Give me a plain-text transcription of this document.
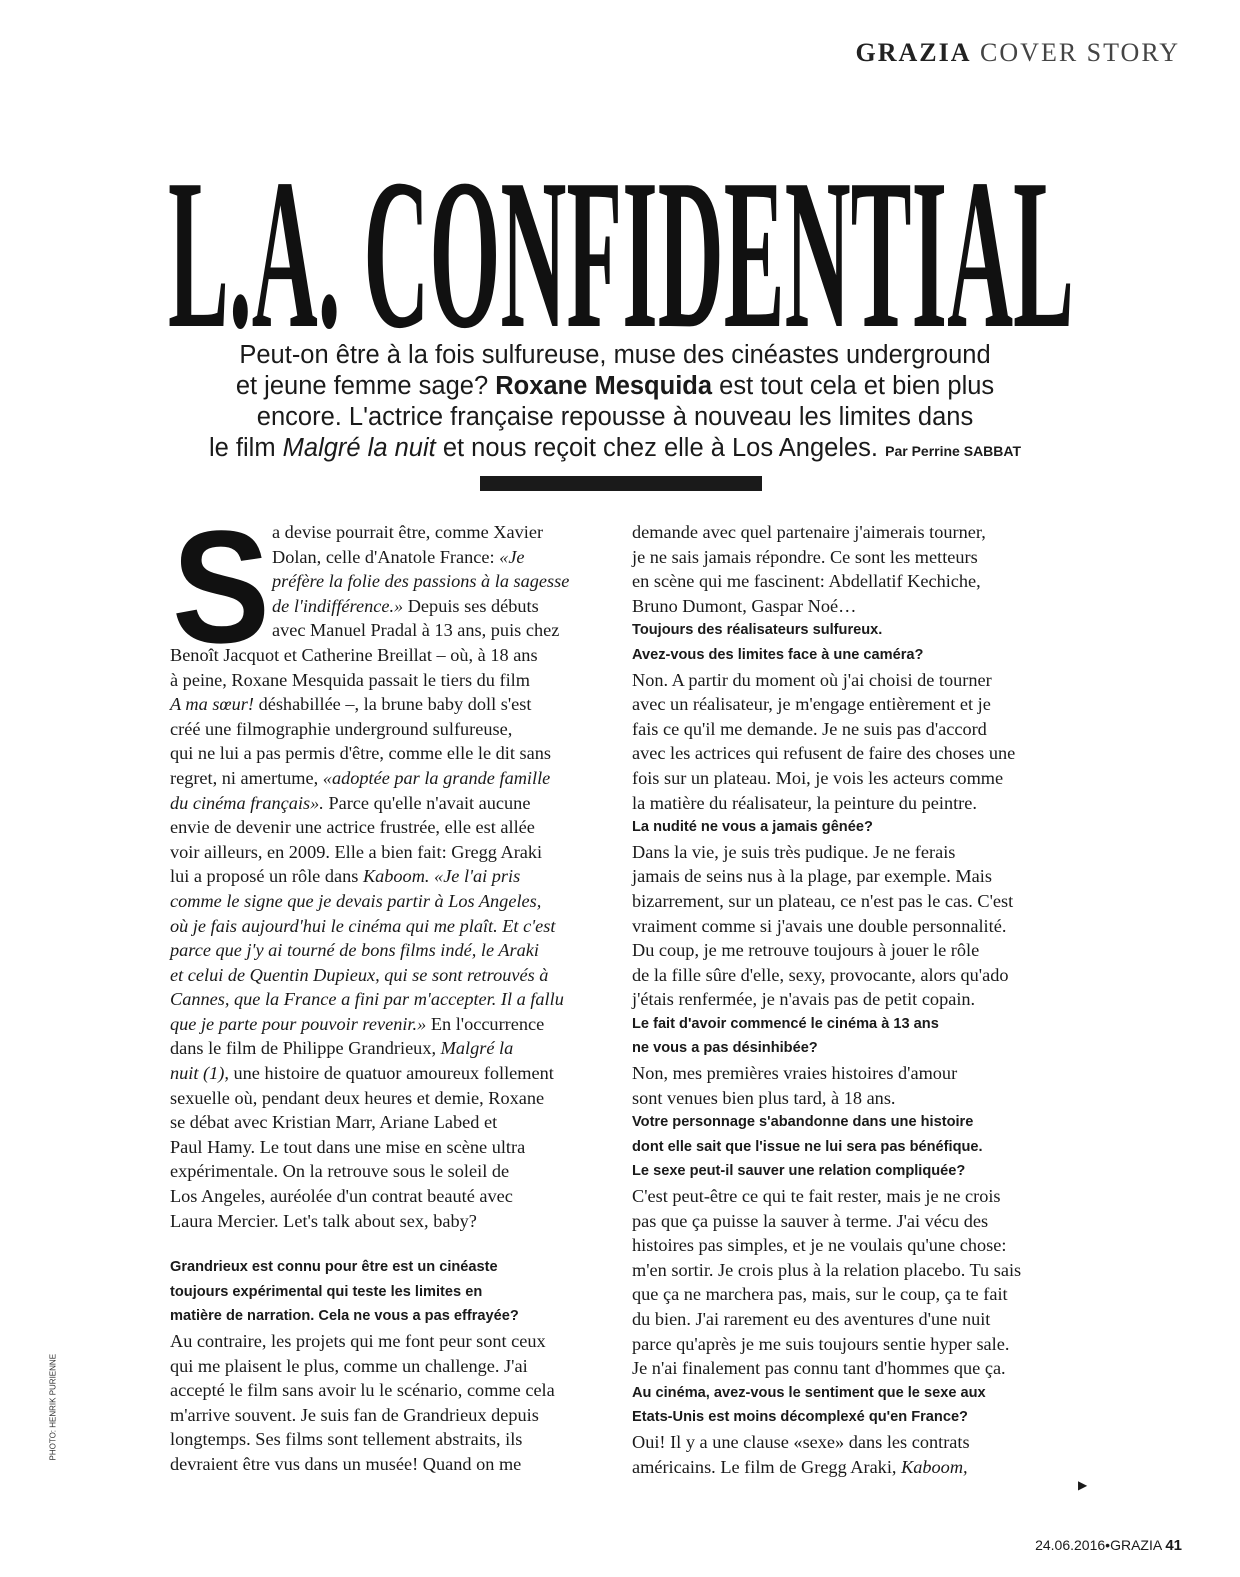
GRAZIA COVER STORY
L.A. CONFIDENTIAL
Peut-on être à la fois sulfureuse, muse des cinéastes underground
et jeune femme sage? Roxane Mesquida est tout cela et bien plus
encore. L'actrice française repousse à nouveau les limites dans
le film Malgré la nuit et nous reçoit chez elle à Los Angeles. Par Perrine SABBAT
S a devise pourrait être, comme Xavier
Dolan, celle d'Anatole France: «Je
préfère la folie des passions à la sagesse
de l'indifférence.» Depuis ses débuts
avec Manuel Pradal à 13 ans, puis chez
Benoît Jacquot et Catherine Breillat – où, à 18 ans
à peine, Roxane Mesquida passait le tiers du film
A ma sœur! déshabillée –, la brune baby doll s'est
créé une filmographie underground sulfureuse,
qui ne lui a pas permis d'être, comme elle le dit sans
regret, ni amertume, «adoptée par la grande famille
du cinéma français». Parce qu'elle n'avait aucune
envie de devenir une actrice frustrée, elle est allée
voir ailleurs, en 2009. Elle a bien fait: Gregg Araki
lui a proposé un rôle dans Kaboom. «Je l'ai pris
comme le signe que je devais partir à Los Angeles,
où je fais aujourd'hui le cinéma qui me plaît. Et c'est
parce que j'y ai tourné de bons films indé, le Araki
et celui de Quentin Dupieux, qui se sont retrouvés à
Cannes, que la France a fini par m'accepter. Il a fallu
que je parte pour pouvoir revenir.» En l'occurrence
dans le film de Philippe Grandrieux, Malgré la
nuit (1), une histoire de quatuor amoureux follement
sexuelle où, pendant deux heures et demie, Roxane
se débat avec Kristian Marr, Ariane Labed et
Paul Hamy. Le tout dans une mise en scène ultra
expérimentale. On la retrouve sous le soleil de
Los Angeles, auréolée d'un contrat beauté avec
Laura Mercier. Let's talk about sex, baby?
Grandrieux est connu pour être est un cinéaste
toujours expérimental qui teste les limites en
matière de narration. Cela ne vous a pas effrayée?
Au contraire, les projets qui me font peur sont ceux
qui me plaisent le plus, comme un challenge. J'ai
accepté le film sans avoir lu le scénario, comme cela
m'arrive souvent. Je suis fan de Grandrieux depuis
longtemps. Ses films sont tellement abstraits, ils
devraient être vus dans un musée! Quand on me
demande avec quel partenaire j'aimerais tourner,
je ne sais jamais répondre. Ce sont les metteurs
en scène qui me fascinent: Abdellatif Kechiche,
Bruno Dumont, Gaspar Noé…
Toujours des réalisateurs sulfureux.
Avez-vous des limites face à une caméra?
Non. A partir du moment où j'ai choisi de tourner
avec un réalisateur, je m'engage entièrement et je
fais ce qu'il me demande. Je ne suis pas d'accord
avec les actrices qui refusent de faire des choses une
fois sur un plateau. Moi, je vois les acteurs comme
la matière du réalisateur, la peinture du peintre.
La nudité ne vous a jamais gênée?
Dans la vie, je suis très pudique. Je ne ferais
jamais de seins nus à la plage, par exemple. Mais
bizarrement, sur un plateau, ce n'est pas le cas. C'est
vraiment comme si j'avais une double personnalité.
Du coup, je me retrouve toujours à jouer le rôle
de la fille sûre d'elle, sexy, provocante, alors qu'ado
j'étais renfermée, je n'avais pas de petit copain.
Le fait d'avoir commencé le cinéma à 13 ans
ne vous a pas désinhibée?
Non, mes premières vraies histoires d'amour
sont venues bien plus tard, à 18 ans.
Votre personnage s'abandonne dans une histoire
dont elle sait que l'issue ne lui sera pas bénéfique.
Le sexe peut-il sauver une relation compliquée?
C'est peut-être ce qui te fait rester, mais je ne crois
pas que ça puisse la sauver à terme. J'ai vécu des
histoires pas simples, et je ne voulais qu'une chose:
m'en sortir. Je crois plus à la relation placebo. Tu sais
que ça ne marchera pas, mais, sur le coup, ça te fait
du bien. J'ai rarement eu des aventures d'une nuit
parce qu'après je me suis toujours sentie hyper sale.
Je n'ai finalement pas connu tant d'hommes que ça.
Au cinéma, avez-vous le sentiment que le sexe aux
Etats-Unis est moins décomplexé qu'en France?
Oui! Il y a une clause «sexe» dans les contrats
américains. Le film de Gregg Araki, Kaboom,
PHOTO: HENRIK PURIENNE
▶
24.06.2016•GRAZIA 41
